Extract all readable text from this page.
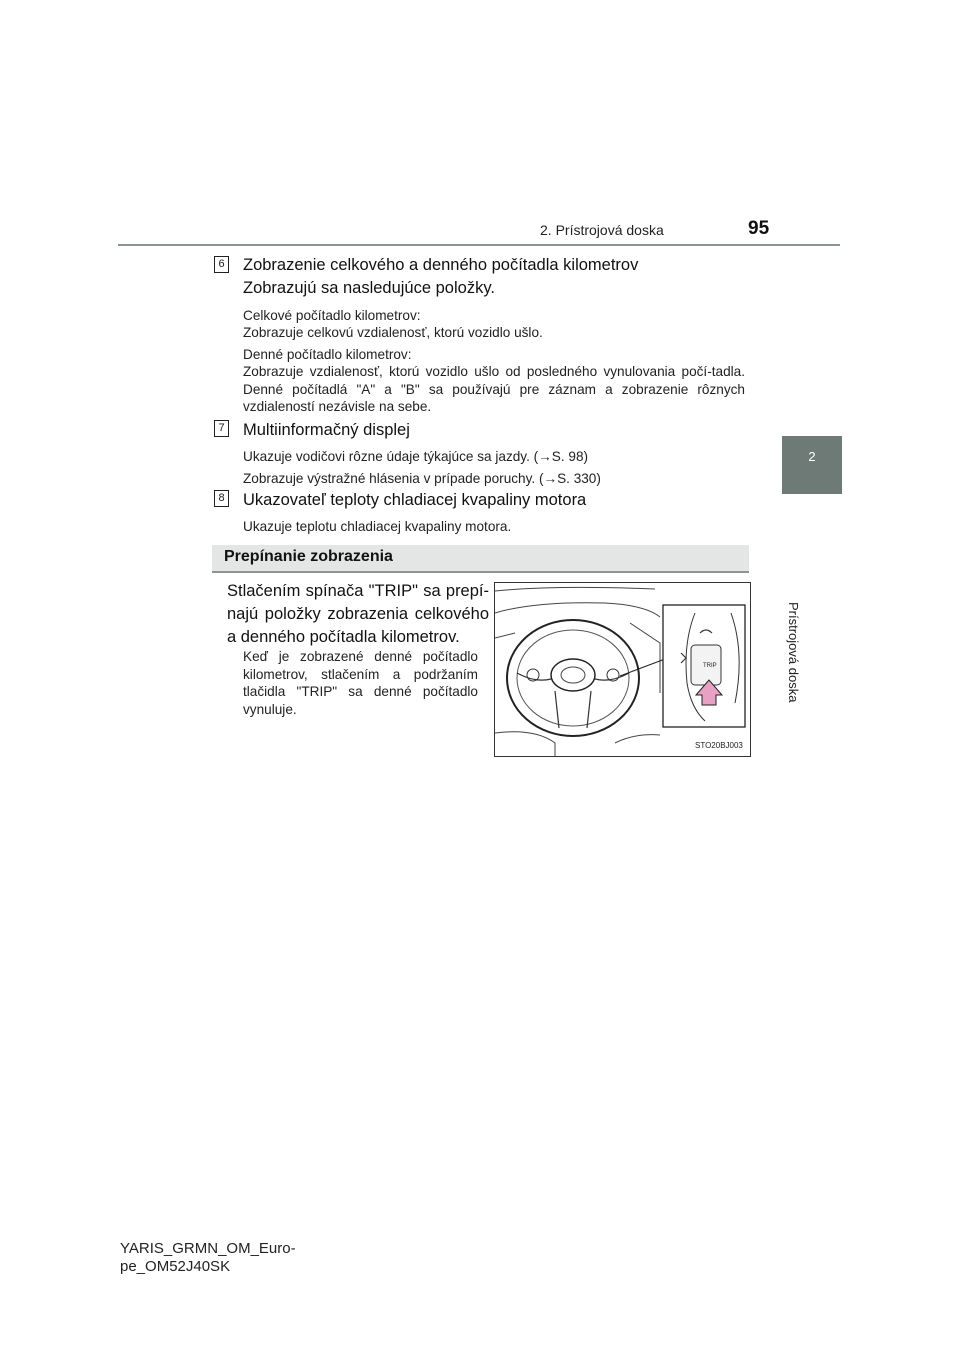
2. Prístrojová doska	95
2
Prístrojová doska
6 Zobrazenie celkového a denného počítadla kilometrov
Zobrazujú sa nasledujúce položky.
Celkové počítadlo kilometrov:
Zobrazuje celkovú vzdialenosť, ktorú vozidlo ušlo.
Denné počítadlo kilometrov:
Zobrazuje vzdialenosť, ktorú vozidlo ušlo od posledného vynulovania počí-tadla. Denné počítadlá "A" a "B" sa používajú pre záznam a zobrazenie rôznych vzdialeností nezávisle na sebe.
7 Multiinformačný displej
Ukazuje vodičovi rôzne údaje týkajúce sa jazdy. (→S. 98)
Zobrazuje výstražné hlásenia v prípade poruchy. (→S. 330)
8 Ukazovateľ teploty chladiacej kvapaliny motora
Ukazuje teplotu chladiacej kvapaliny motora.
Prepínanie zobrazenia
Stlačením spínača "TRIP" sa prepí-najú položky zobrazenia celkového a denného počítadla kilometrov.
Keď je zobrazené denné počítadlo kilometrov, stlačením a podržaním tlačidla "TRIP" sa denné počítadlo vynuluje.
TRIP
STO20BJ003
YARIS_GRMN_OM_Euro-
pe_OM52J40SK
